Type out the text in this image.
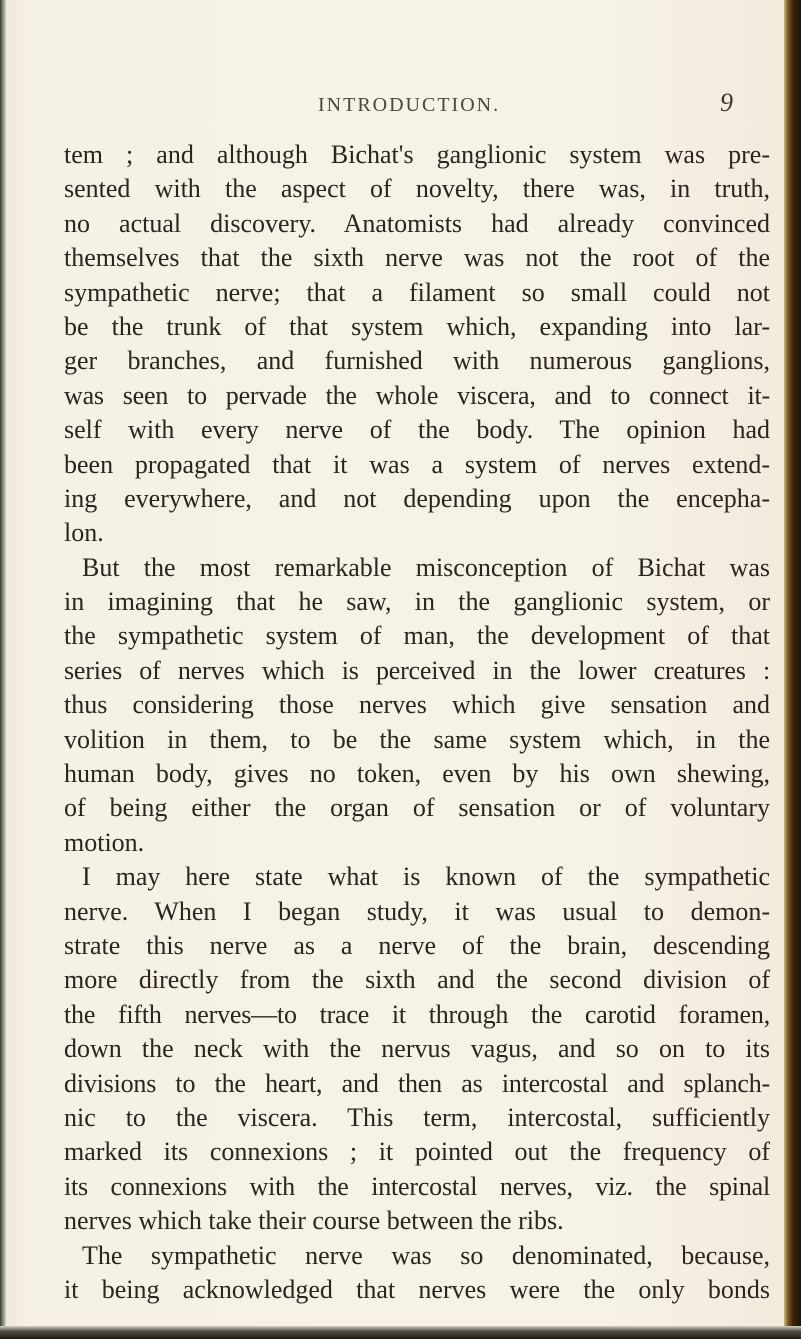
INTRODUCTION.	9
tem ; and although Bichat's ganglionic system was pre-
sented with the aspect of novelty, there was, in truth,
no actual discovery. Anatomists had already convinced
themselves that the sixth nerve was not the root of the
sympathetic nerve; that a filament so small could not
be the trunk of that system which, expanding into lar-
ger branches, and furnished with numerous ganglions,
was seen to pervade the whole viscera, and to connect it-
self with every nerve of the body. The opinion had
been propagated that it was a system of nerves extend-
ing everywhere, and not depending upon the encepha-
lon.
But the most remarkable misconception of Bichat was
in imagining that he saw, in the ganglionic system, or
the sympathetic system of man, the development of that
series of nerves which is perceived in the lower creatures :
thus considering those nerves which give sensation and
volition in them, to be the same system which, in the
human body, gives no token, even by his own shewing,
of being either the organ of sensation or of voluntary
motion.
I may here state what is known of the sympathetic
nerve. When I began study, it was usual to demon-
strate this nerve as a nerve of the brain, descending
more directly from the sixth and the second division of
the fifth nerves—to trace it through the carotid foramen,
down the neck with the nervus vagus, and so on to its
divisions to the heart, and then as intercostal and splanch-
nic to the viscera. This term, intercostal, sufficiently
marked its connexions ; it pointed out the frequency of
its connexions with the intercostal nerves, viz. the spinal
nerves which take their course between the ribs.
The sympathetic nerve was so denominated, because,
it being acknowledged that nerves were the only bonds
